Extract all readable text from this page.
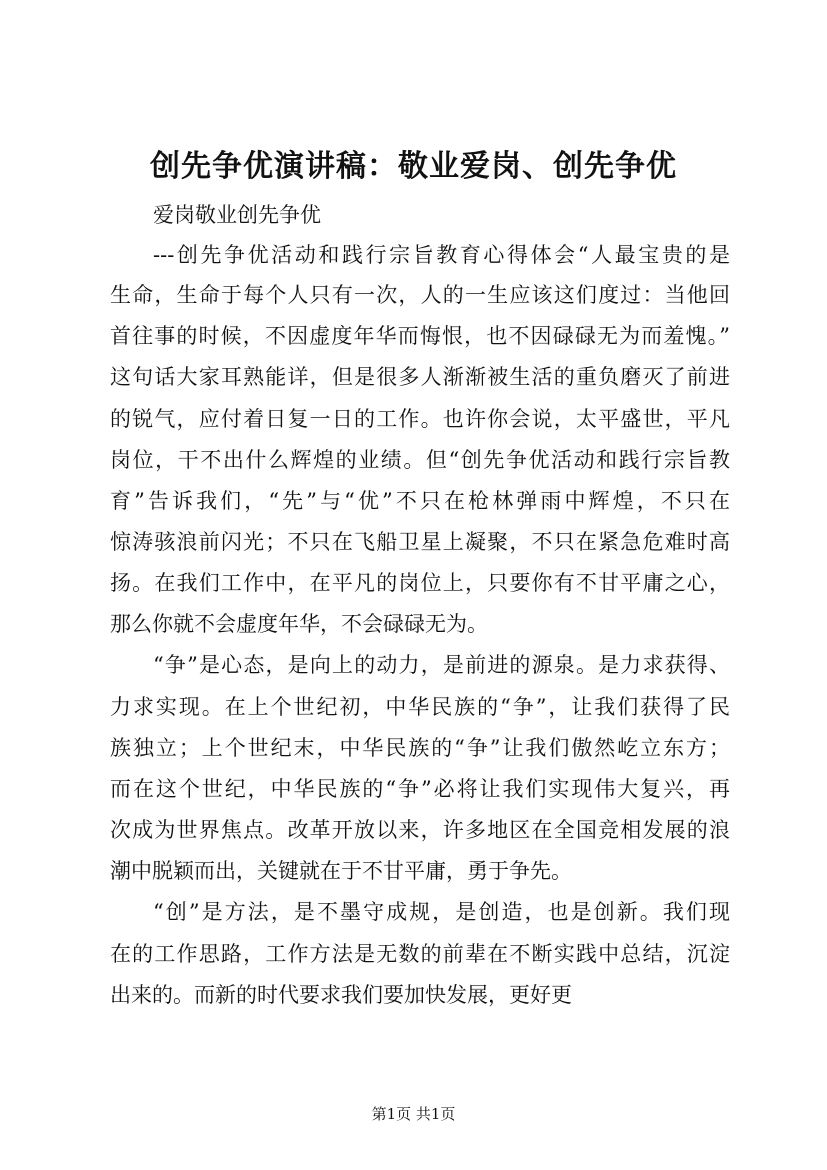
创先争优演讲稿：敬业爱岗、创先争优
爱岗敬业创先争优
---创先争优活动和践行宗旨教育心得体会“人最宝贵的是
生命，生命于每个人只有一次，人的一生应该这们度过：当他回
首往事的时候，不因虚度年华而悔恨，也不因碌碌无为而羞愧。”
这句话大家耳熟能详，但是很多人渐渐被生活的重负磨灭了前进
的锐气，应付着日复一日的工作。也许你会说，太平盛世，平凡
岗位，干不出什么辉煌的业绩。但“创先争优活动和践行宗旨教
育”告诉我们，“先”与“优”不只在枪林弹雨中辉煌，不只在
惊涛骇浪前闪光；不只在飞船卫星上凝聚，不只在紧急危难时高
扬。在我们工作中，在平凡的岗位上，只要你有不甘平庸之心，
那么你就不会虚度年华，不会碌碌无为。
“争”是心态，是向上的动力，是前进的源泉。是力求获得、
力求实现。在上个世纪初，中华民族的“争”，让我们获得了民
族独立；上个世纪末，中华民族的“争”让我们傲然屹立东方；
而在这个世纪，中华民族的“争”必将让我们实现伟大复兴，再
次成为世界焦点。改革开放以来，许多地区在全国竞相发展的浪
潮中脱颖而出，关键就在于不甘平庸，勇于争先。
“创”是方法，是不墨守成规，是创造，也是创新。我们现
在的工作思路，工作方法是无数的前辈在不断实践中总结，沉淀
出来的。而新的时代要求我们要加快发展，更好更
第1页 共1页
